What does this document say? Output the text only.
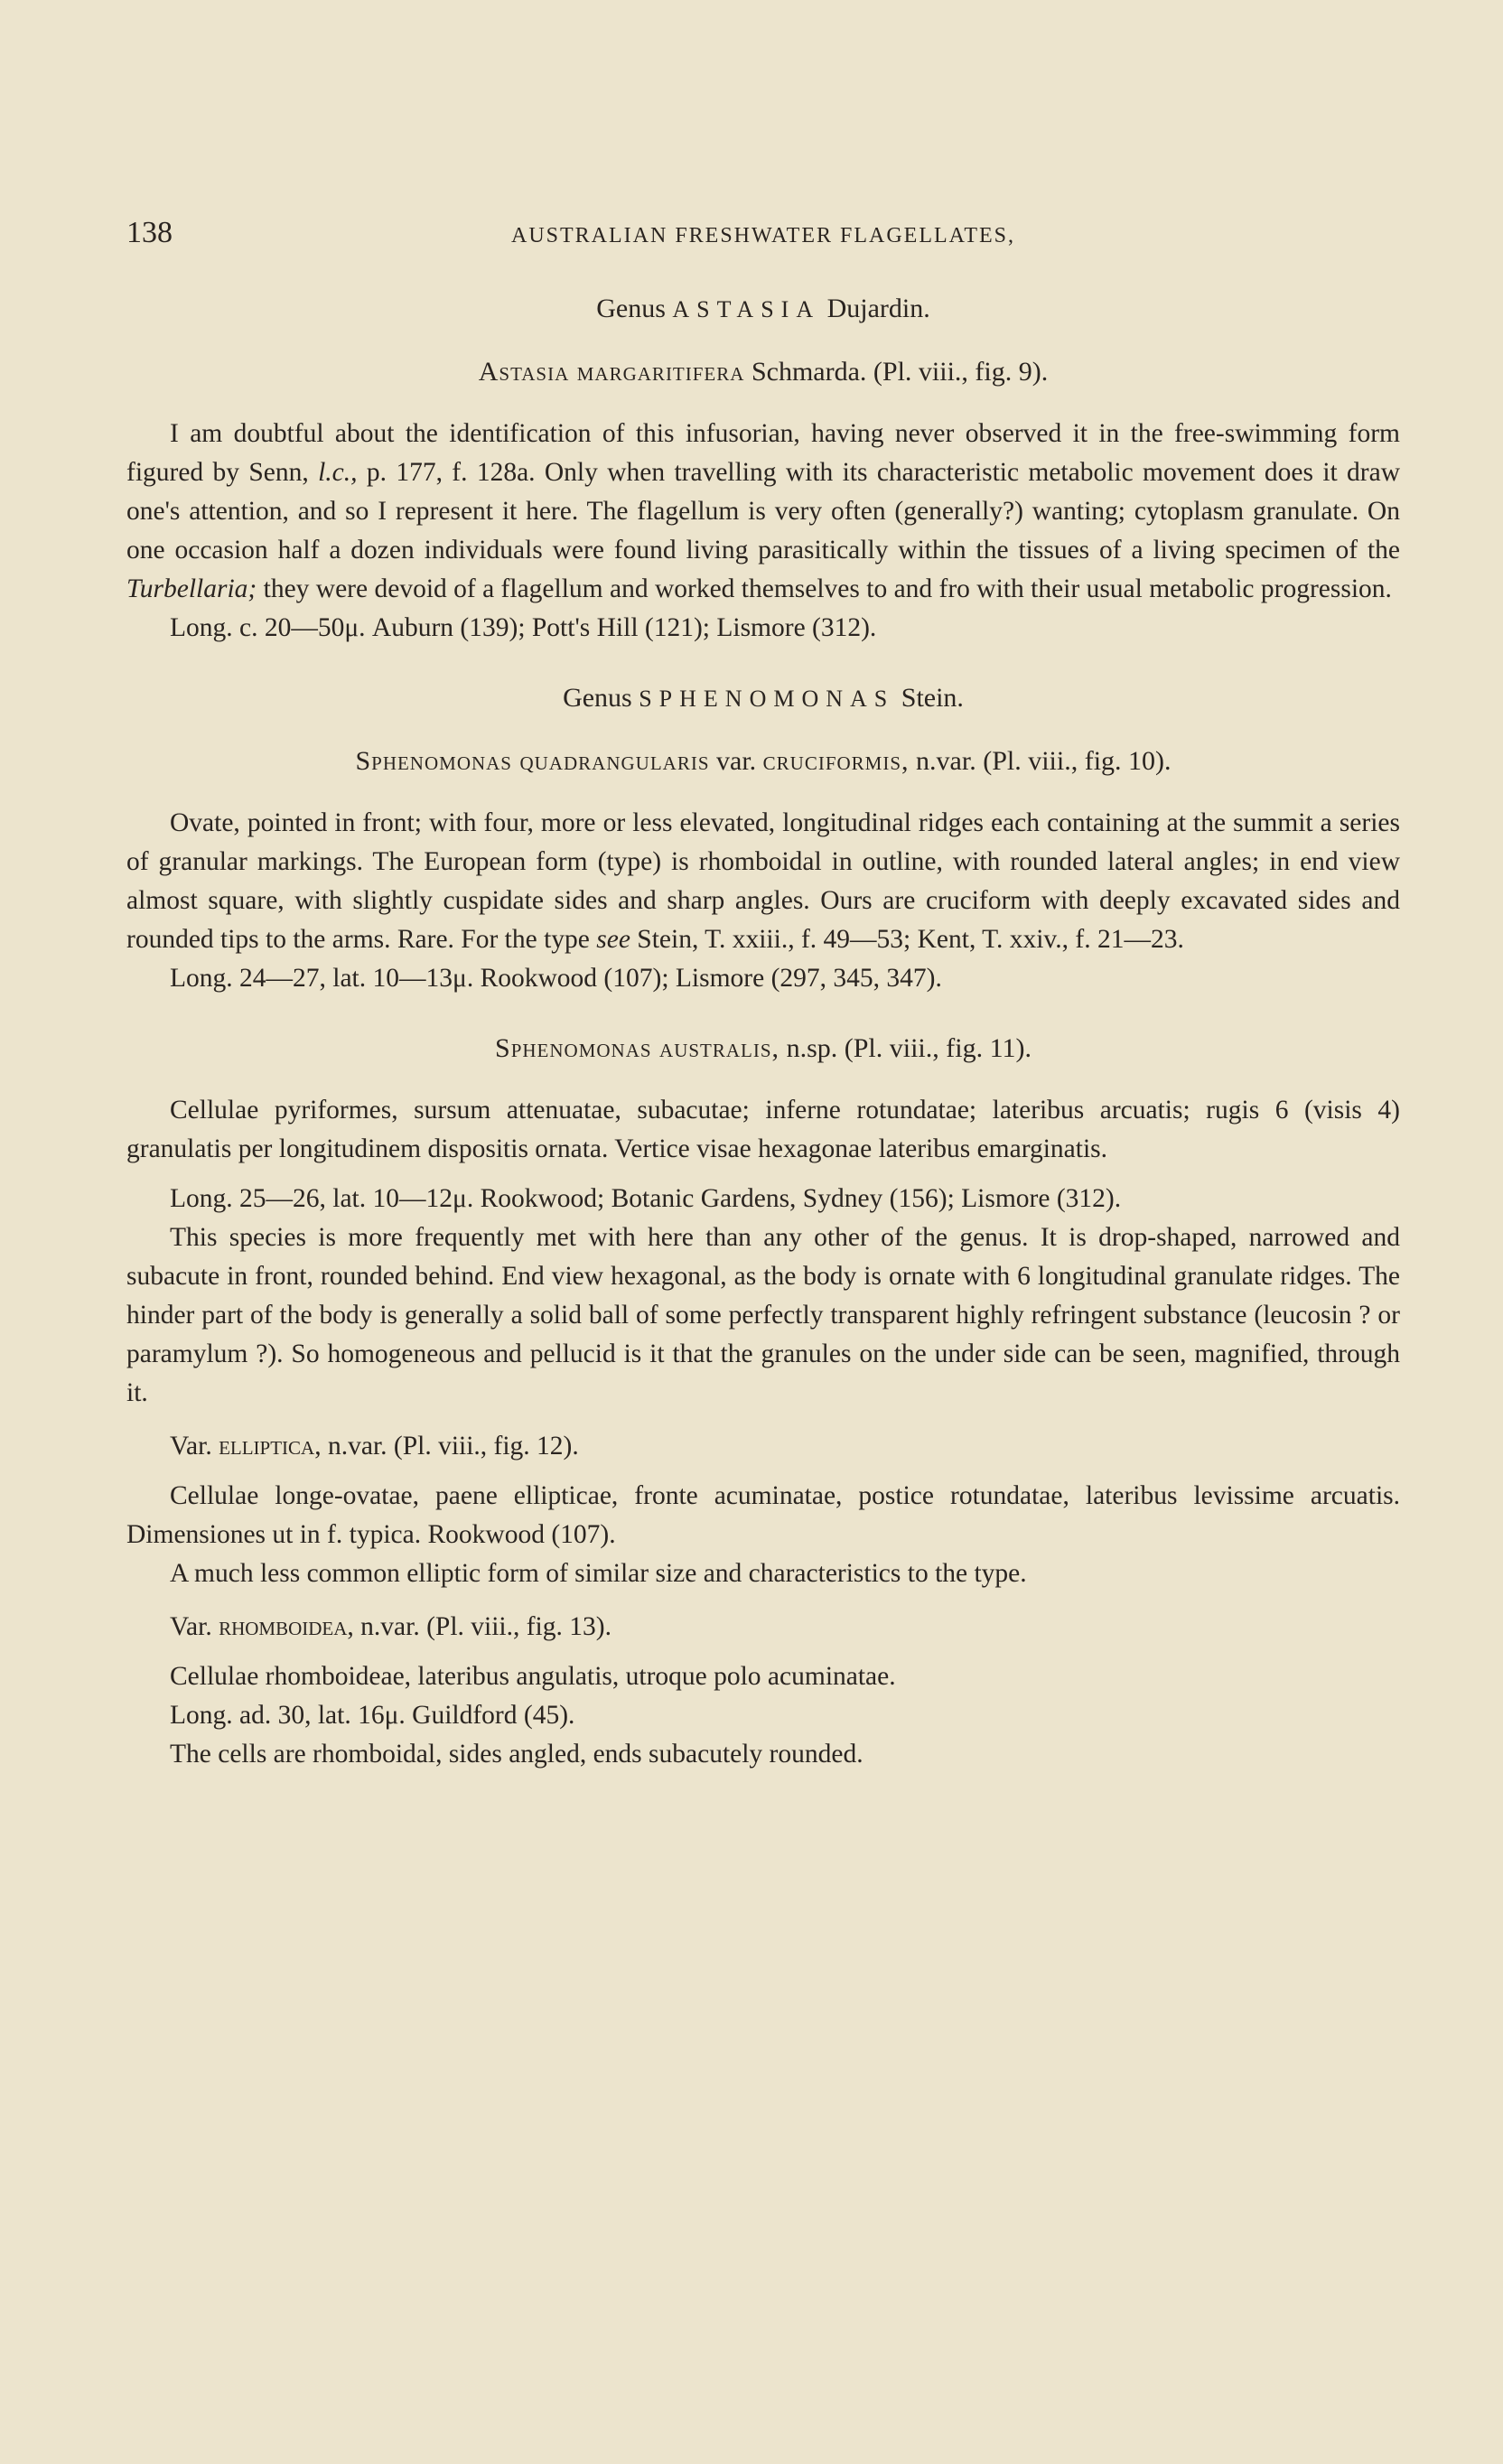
138	AUSTRALIAN FRESHWATER FLAGELLATES,
Genus ASTASIA Dujardin.
Astasia margaritifera Schmarda. (Pl. viii., fig. 9).

I am doubtful about the identification of this infusorian, having never observed it in the free-swimming form figured by Senn, l.c., p. 177, f. 128a. Only when travelling with its characteristic metabolic movement does it draw one's attention, and so I represent it here. The flagellum is very often (generally?) wanting; cytoplasm granulate. On one occasion half a dozen individuals were found living parasitically within the tissues of a living specimen of the Turbellaria; they were devoid of a flagellum and worked themselves to and fro with their usual metabolic progression.

Long. c. 20—50μ. Auburn (139); Pott's Hill (121); Lismore (312).

Genus SPHENOMONAS Stein.
Sphenomonas quadrangularis var. cruciformis, n.var. (Pl. viii., fig. 10).

Ovate, pointed in front; with four, more or less elevated, longitudinal ridges each containing at the summit a series of granular markings. The European form (type) is rhomboidal in outline, with rounded lateral angles; in end view almost square, with slightly cuspidate sides and sharp angles. Ours are cruciform with deeply excavated sides and rounded tips to the arms. Rare. For the type see Stein, T. xxiii., f. 49—53; Kent, T. xxiv., f. 21—23.

Long. 24—27, lat. 10—13μ. Rookwood (107); Lismore (297, 345, 347).

Sphenomonas australis, n.sp. (Pl. viii., fig. 11).

Cellulae pyriformes, sursum attenuatae, subacutae; inferne rotundatae; lateribus arcuatis; rugis 6 (visis 4) granulatis per longitudinem dispositis ornata. Vertice visae hexagonae lateribus emarginatis.

Long. 25—26, lat. 10—12μ. Rookwood; Botanic Gardens, Sydney (156); Lismore (312).

This species is more frequently met with here than any other of the genus. It is drop-shaped, narrowed and subacute in front, rounded behind. End view hexagonal, as the body is ornate with 6 longitudinal granulate ridges. The hinder part of the body is generally a solid ball of some perfectly transparent highly refringent substance (leucosin ? or paramylum ?). So homogeneous and pellucid is it that the granules on the under side can be seen, magnified, through it.

Var. elliptica, n.var. (Pl. viii., fig. 12).

Cellulae longe-ovatae, paene ellipticae, fronte acuminatae, postice rotundatae, lateribus levissime arcuatis. Dimensiones ut in f. typica. Rookwood (107).

A much less common elliptic form of similar size and characteristics to the type.

Var. rhomboidea, n.var. (Pl. viii., fig. 13).

Cellulae rhomboideae, lateribus angulatis, utroque polo acuminatae.

Long. ad. 30, lat. 16μ. Guildford (45).

The cells are rhomboidal, sides angled, ends subacutely rounded.
